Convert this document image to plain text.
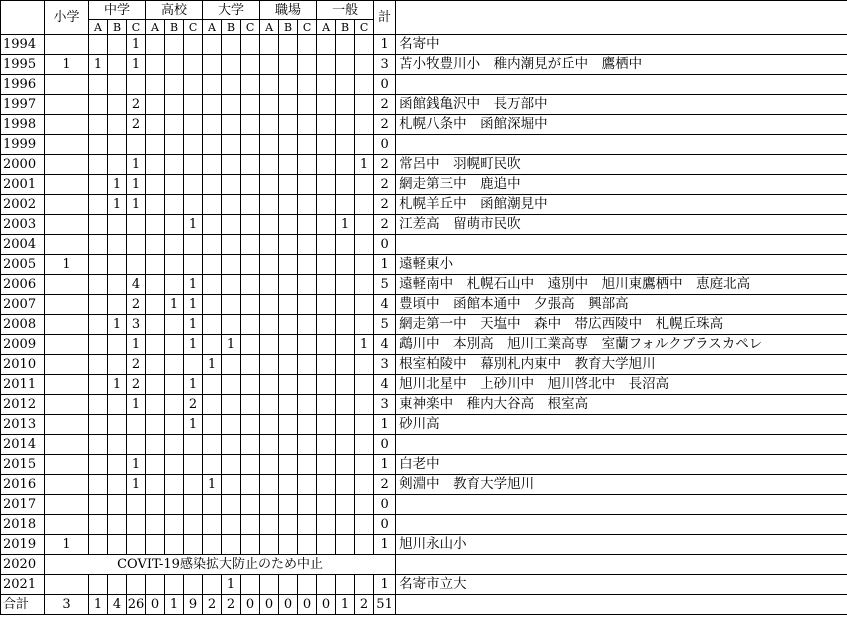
	小学	中学			高校			大学			職場			一般			計	
		A	B	C	A	B	C	A	B	C	A	B	C	A	B	C		
1994				1													1	名寄中
1995	1	1		1													3	苫小牧豊川小　稚内潮見が丘中　鷹栖中
1996																	0	
1997				2													2	函館銭亀沢中　長万部中
1998				2													2	札幌八条中　函館深堀中
1999																	0	
2000				1												1	2	常呂中　羽幌町民吹
2001			1	1													2	網走第三中　鹿追中
2002			1	1													2	札幌羊丘中　函館潮見中
2003							1								1		2	江差高　留萌市民吹
2004																	0	
2005	1																1	遠軽東小
2006				4			1										5	遠軽南中　札幌石山中　遠別中　旭川東鷹栖中　恵庭北高
2007				2		1	1										4	豊頃中　函館本通中　夕張高　興部高
2008			1	3			1										5	網走第一中　天塩中　森中　帯広西陵中　札幌丘珠高
2009				1			1		1							1	4	鵡川中　本別高　旭川工業高専　室蘭フォルクブラスカペレ
2010				2				1									3	根室柏陵中　幕別札内東中　教育大学旭川
2011			1	2			1										4	旭川北星中　上砂川中　旭川啓北中　長沼高
2012				1			2										3	東神楽中　稚内大谷高　根室高
2013							1										1	砂川高
2014																	0	
2015				1													1	白老中
2016				1				1									2	剣淵中　教育大学旭川
2017																	0	
2018																	0	
2019	1																1	旭川永山小
2020	COVIT-19感染拡大防止のため中止																	
2021									1								1	名寄市立大
合計	3	1	4	26	0	1	9	2	2	0	0	0	0	0	1	2	51	
